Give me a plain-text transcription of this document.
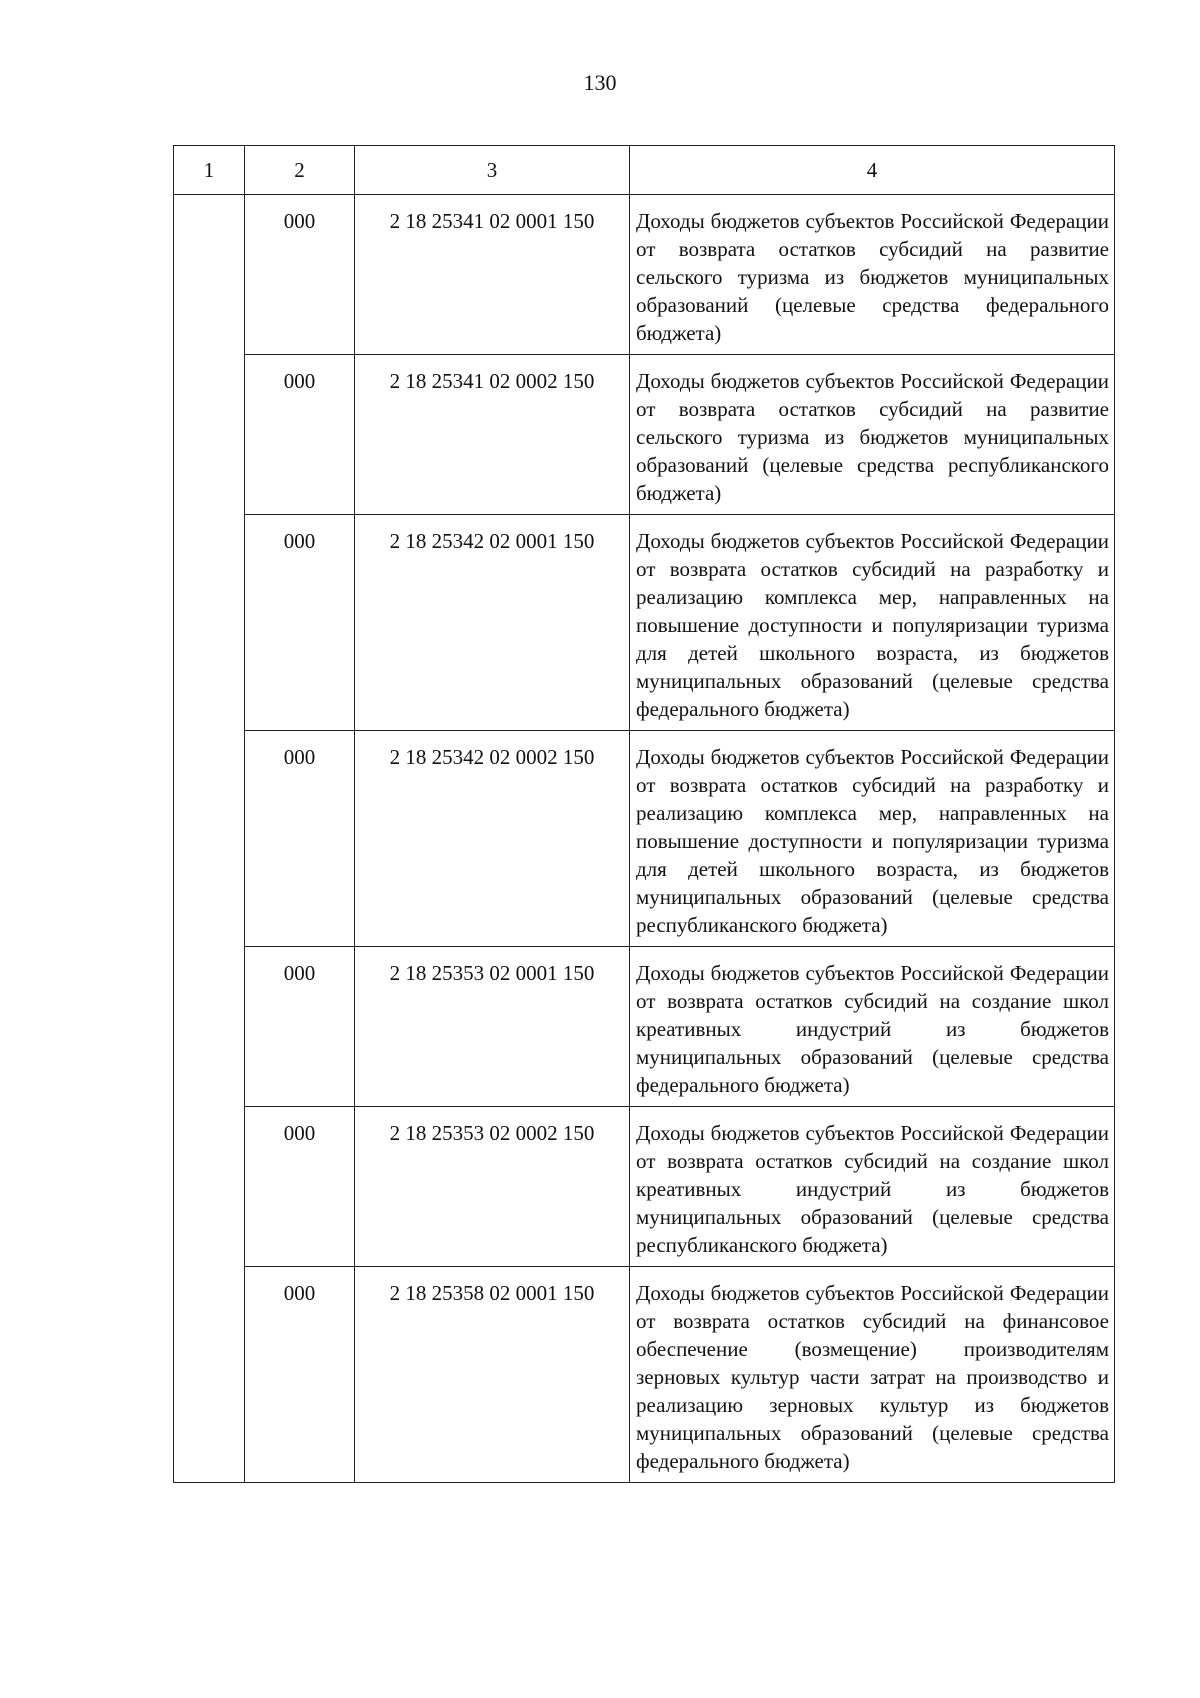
130
1	2	3	4
	000	2 18 25341 02 0001 150	Доходы бюджетов субъектов Российской Федерации от возврата остатков субсидий на развитие сельского туризма из бюджетов муниципальных образований (целевые средства федерального бюджета)

	000	2 18 25341 02 0002 150	Доходы бюджетов субъектов Российской Федерации от возврата остатков субсидий на развитие сельского туризма из бюджетов муниципальных образований (целевые средства республиканского бюджета)

	000	2 18 25342 02 0001 150	Доходы бюджетов субъектов Российской Федерации от возврата остатков субсидий на разработку и реализацию комплекса мер, направленных на повышение доступности и популяризации туризма для детей школьного возраста, из бюджетов муниципальных образований (целевые средства федерального бюджета)

	000	2 18 25342 02 0002 150	Доходы бюджетов субъектов Российской Федерации от возврата остатков субсидий на разработку и реализацию комплекса мер, направленных на повышение доступности и популяризации туризма для детей школьного возраста, из бюджетов муниципальных образований (целевые средства республиканского бюджета)

	000	2 18 25353 02 0001 150	Доходы бюджетов субъектов Российской Федерации от возврата остатков субсидий на создание школ креативных индустрий из бюджетов муниципальных образований (целевые средства федерального бюджета)

	000	2 18 25353 02 0002 150	Доходы бюджетов субъектов Российской Федерации от возврата остатков субсидий на создание школ креативных индустрий из бюджетов муниципальных образований (целевые средства республиканского бюджета)

	000	2 18 25358 02 0001 150	Доходы бюджетов субъектов Российской Федерации от возврата остатков субсидий на финансовое обеспечение (возмещение) производителям зерновых культур части затрат на производство и реализацию зерновых культур из бюджетов муниципальных образований (целевые средства федерального бюджета)
